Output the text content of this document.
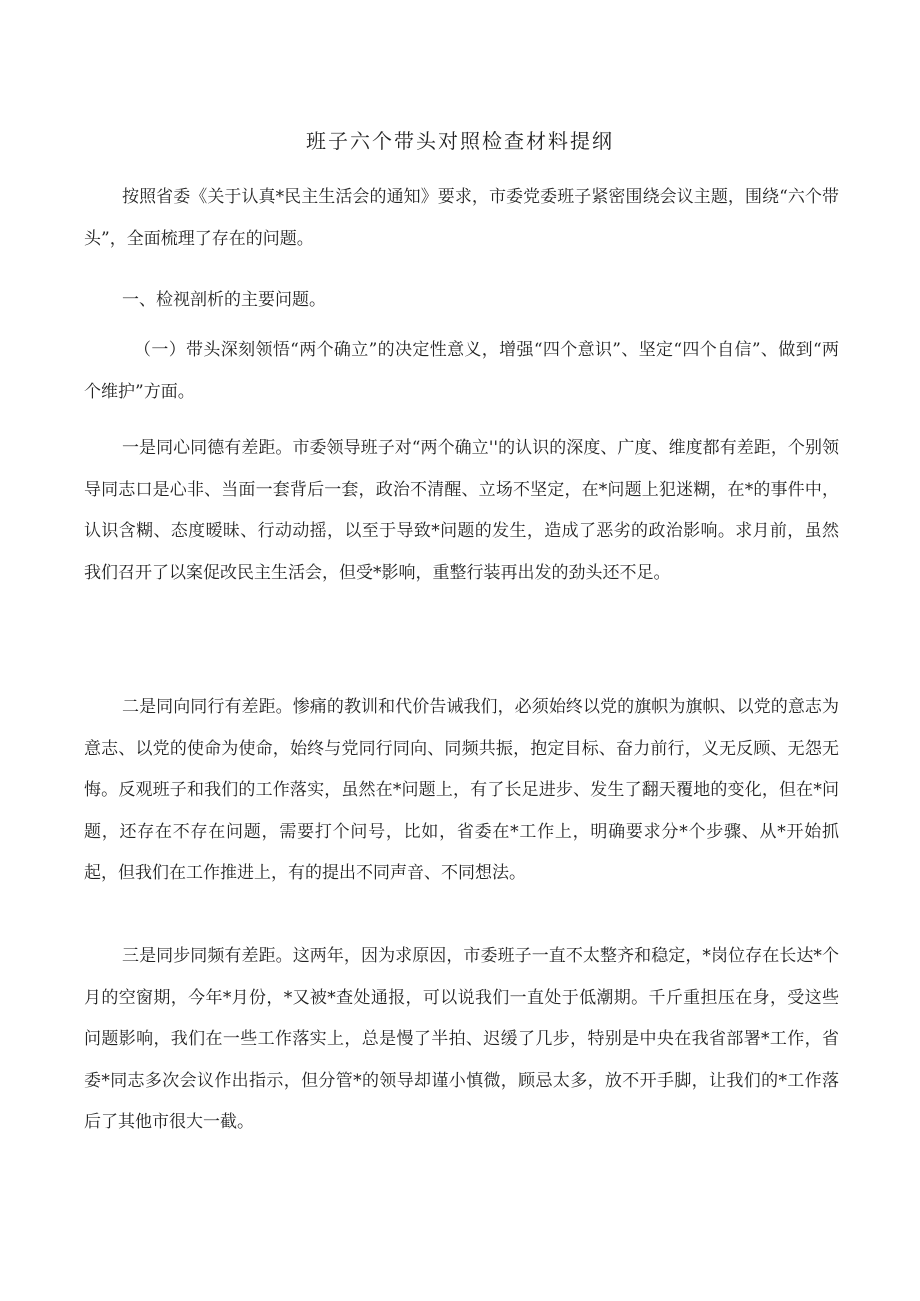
班子六个带头对照检查材料提纲

按照省委《关于认真*民主生活会的通知》要求，市委党委班子紧密围绕会议主题，围绕“六个带头”，全面梳理了存在的问题。

一、检视剖析的主要问题。

（一）带头深刻领悟“两个确立”的决定性意义，增强“四个意识”、坚定“四个自信”、做到“两个维护”方面。

一是同心同德有差距。市委领导班子对“两个确立''的认识的深度、广度、维度都有差距，个别领导同志口是心非、当面一套背后一套，政治不清醒、立场不坚定，在*问题上犯迷糊，在*的事件中，认识含糊、态度暧昧、行动动摇，以至于导致*问题的发生，造成了恶劣的政治影响。求月前，虽然我们召开了以案促改民主生活会，但受*影响，重整行装再出发的劲头还不足。

二是同向同行有差距。惨痛的教训和代价告诫我们，必须始终以党的旗帜为旗帜、以党的意志为意志、以党的使命为使命，始终与党同行同向、同频共振，抱定目标、奋力前行，义无反顾、无怨无悔。反观班子和我们的工作落实，虽然在*问题上，有了长足进步、发生了翻天覆地的变化，但在*问题，还存在不存在问题，需要打个问号，比如，省委在*工作上，明确要求分*个步骤、从*开始抓起，但我们在工作推进上，有的提出不同声音、不同想法。

三是同步同频有差距。这两年，因为求原因，市委班子一直不太整齐和稳定，*岗位存在长达*个月的空窗期，今年*月份，*又被*查处通报，可以说我们一直处于低潮期。千斤重担压在身，受这些问题影响，我们在一些工作落实上，总是慢了半拍、迟缓了几步，特别是中央在我省部署*工作，省委*同志多次会议作出指示，但分管*的领导却谨小慎微，顾忌太多，放不开手脚，让我们的*工作落后了其他市很大一截。
